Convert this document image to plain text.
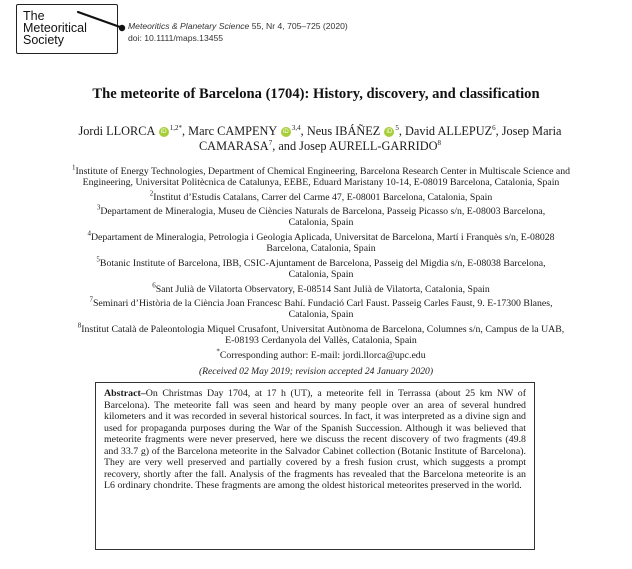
The
Meteoritical
Society
Meteoritics & Planetary Science 55, Nr 4, 705–725 (2020)
doi: 10.1111/maps.13455
The meteorite of Barcelona (1704): History, discovery, and classification
Jordi LLORCA $iD^{1,2*}$, Marc CAMPENY iD$^{3,4}$, Neus IBÁÑEZ $iD^5$, David ALLEPUZ$^6$, Josep Maria CAMARASA$^7$, and Josep AURELL-GARRIDO$^8$
$^1$Institute of Energy Technologies, Department of Chemical Engineering, Barcelona Research Center in Multiscale Science and
Engineering, Universitat Politècnica de Catalunya, EEBE, Eduard Maristany 10-14, E-08019 Barcelona, Catalonia, Spain
$^2$Institut d’Estudis Catalans, Carrer del Carme 47, E-08001 Barcelona, Catalonia, Spain
$^3$Departament de Mineralogia, Museu de Ciències Naturals de Barcelona, Passeig Picasso s/n, E-08003 Barcelona,
Catalonia, Spain
$^4$Departament de Mineralogia, Petrologia i Geologia Aplicada, Universitat de Barcelona, Martí i Franquès s/n, E-08028
Barcelona, Catalonia, Spain
$^5$Botanic Institute of Barcelona, IBB, CSIC-Ajuntament de Barcelona, Passeig del Migdia s/n, E-08038 Barcelona,
Catalonia, Spain
$^6$Sant Julià de Vilatorta Observatory, E-08514 Sant Julià de Vilatorta, Catalonia, Spain
$^7$Seminari d’Història de la Ciència Joan Francesc Bahí. Fundació Carl Faust. Passeig Carles Faust, 9. E-17300 Blanes,
Catalonia, Spain
$^8$Institut Català de Paleontologia Miquel Crusafont, Universitat Autònoma de Barcelona, Columnes s/n, Campus de la UAB,
E-08193 Cerdanyola del Vallès, Catalonia, Spain
*Corresponding author: E-mail: jordi.llorca@upc.edu
(Received 02 May 2019; revision accepted 24 January 2020)
Abstract–On Christmas Day 1704, at 17 h (UT), a meteorite fell in Terrassa (about 25 km NW of Barcelona). The meteorite fall was seen and heard by many people over an area of several hundred kilometers and it was recorded in several historical sources. In fact, it was interpreted as a divine sign and used for propaganda purposes during the War of the Spanish Succession. Although it was believed that meteorite fragments were never preserved, here we discuss the recent discovery of two fragments (49.8 and 33.7 g) of the Barcelona meteorite in the Salvador Cabinet collection (Botanic Institute of Barcelona). They are very well preserved and partially covered by a fresh fusion crust, which suggests a prompt recovery, shortly after the fall. Analysis of the fragments has revealed that the Barcelona meteorite is an L6 ordinary chondrite. These fragments are among the oldest historical meteorites preserved in the world.
